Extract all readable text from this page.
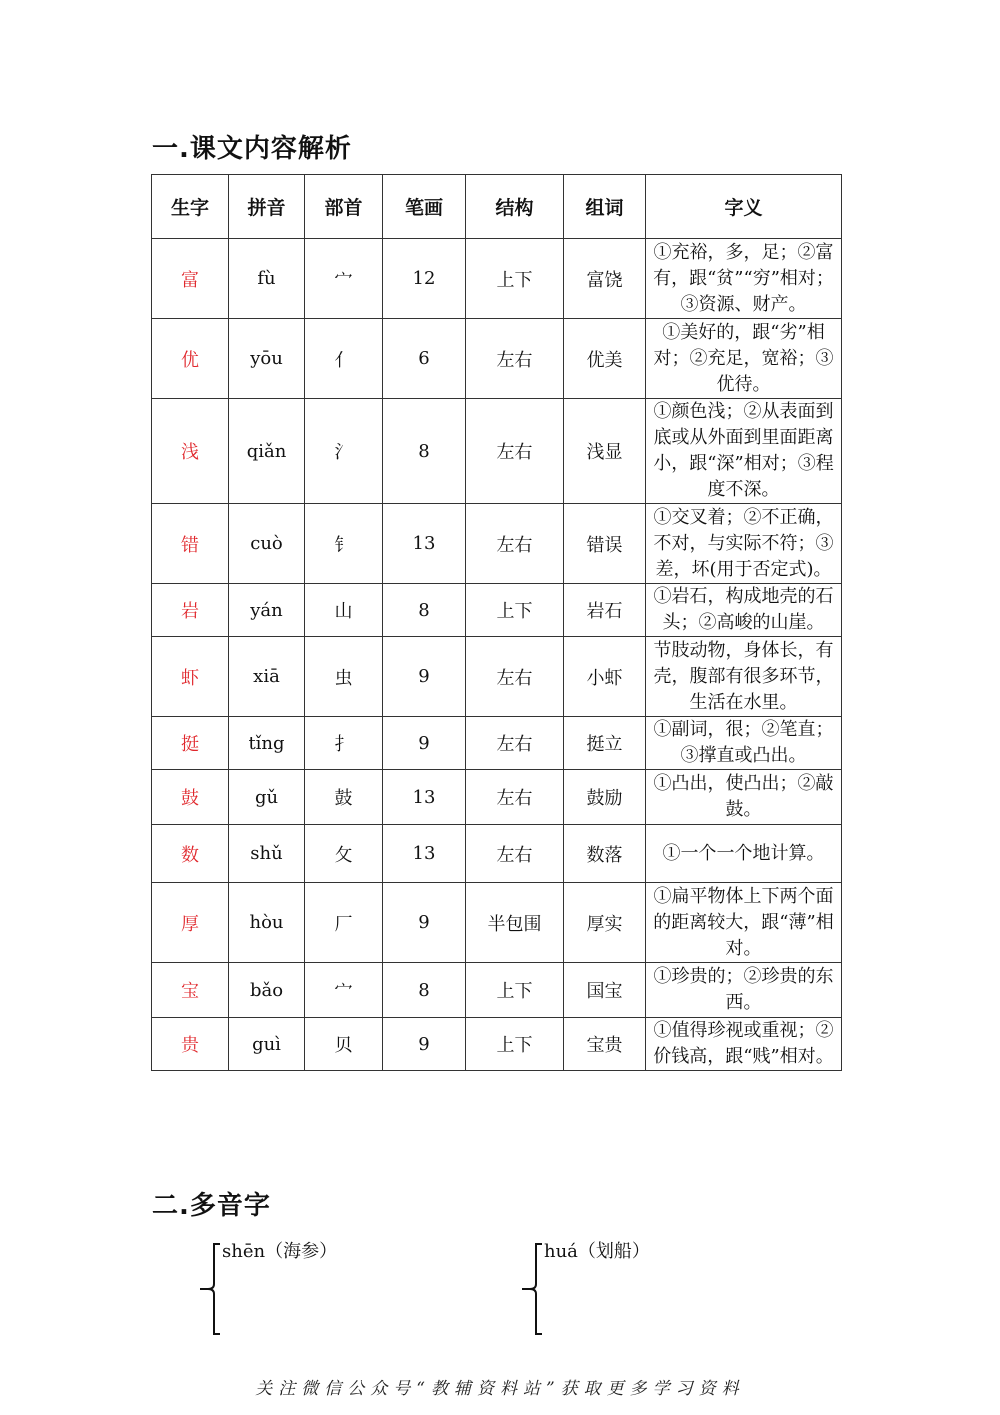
一.课文内容解析
生字	拼音	部首	笔画	结构	组词	字义
富	fù	宀	12	上下	富饶	①充裕，多，足；②富有，跟“贫”“穷”相对；③资源、财产。
优	yōu	亻	6	左右	优美	①美好的，跟“劣”相对；②充足，宽裕；③优待。
浅	qiǎn	氵	8	左右	浅显	①颜色浅；②从表面到底或从外面到里面距离小，跟“深”相对；③程度不深。
错	cuò	钅	13	左右	错误	①交叉着；②不正确，不对，与实际不符；③差，坏(用于否定式)。
岩	yán	山	8	上下	岩石	①岩石，构成地壳的石头；②高峻的山崖。
虾	xiā	虫	9	左右	小虾	节肢动物，身体长，有壳，腹部有很多环节，生活在水里。
挺	tǐng	扌	9	左右	挺立	①副词，很；②笔直；③撑直或凸出。
鼓	gǔ	鼓	13	左右	鼓励	①凸出，使凸出；②敲鼓。
数	shǔ	攵	13	左右	数落	①一个一个地计算。
厚	hòu	厂	9	半包围	厚实	①扁平物体上下两个面的距离较大，跟“薄”相对。
宝	bǎo	宀	8	上下	国宝	①珍贵的；②珍贵的东西。
贵	guì	贝	9	上下	宝贵	①值得珍视或重视；②价钱高，跟“贱”相对。
二.多音字
shēn（海参）	huá（划船）
关注微信公众号“教辅资料站”获取更多学习资料
